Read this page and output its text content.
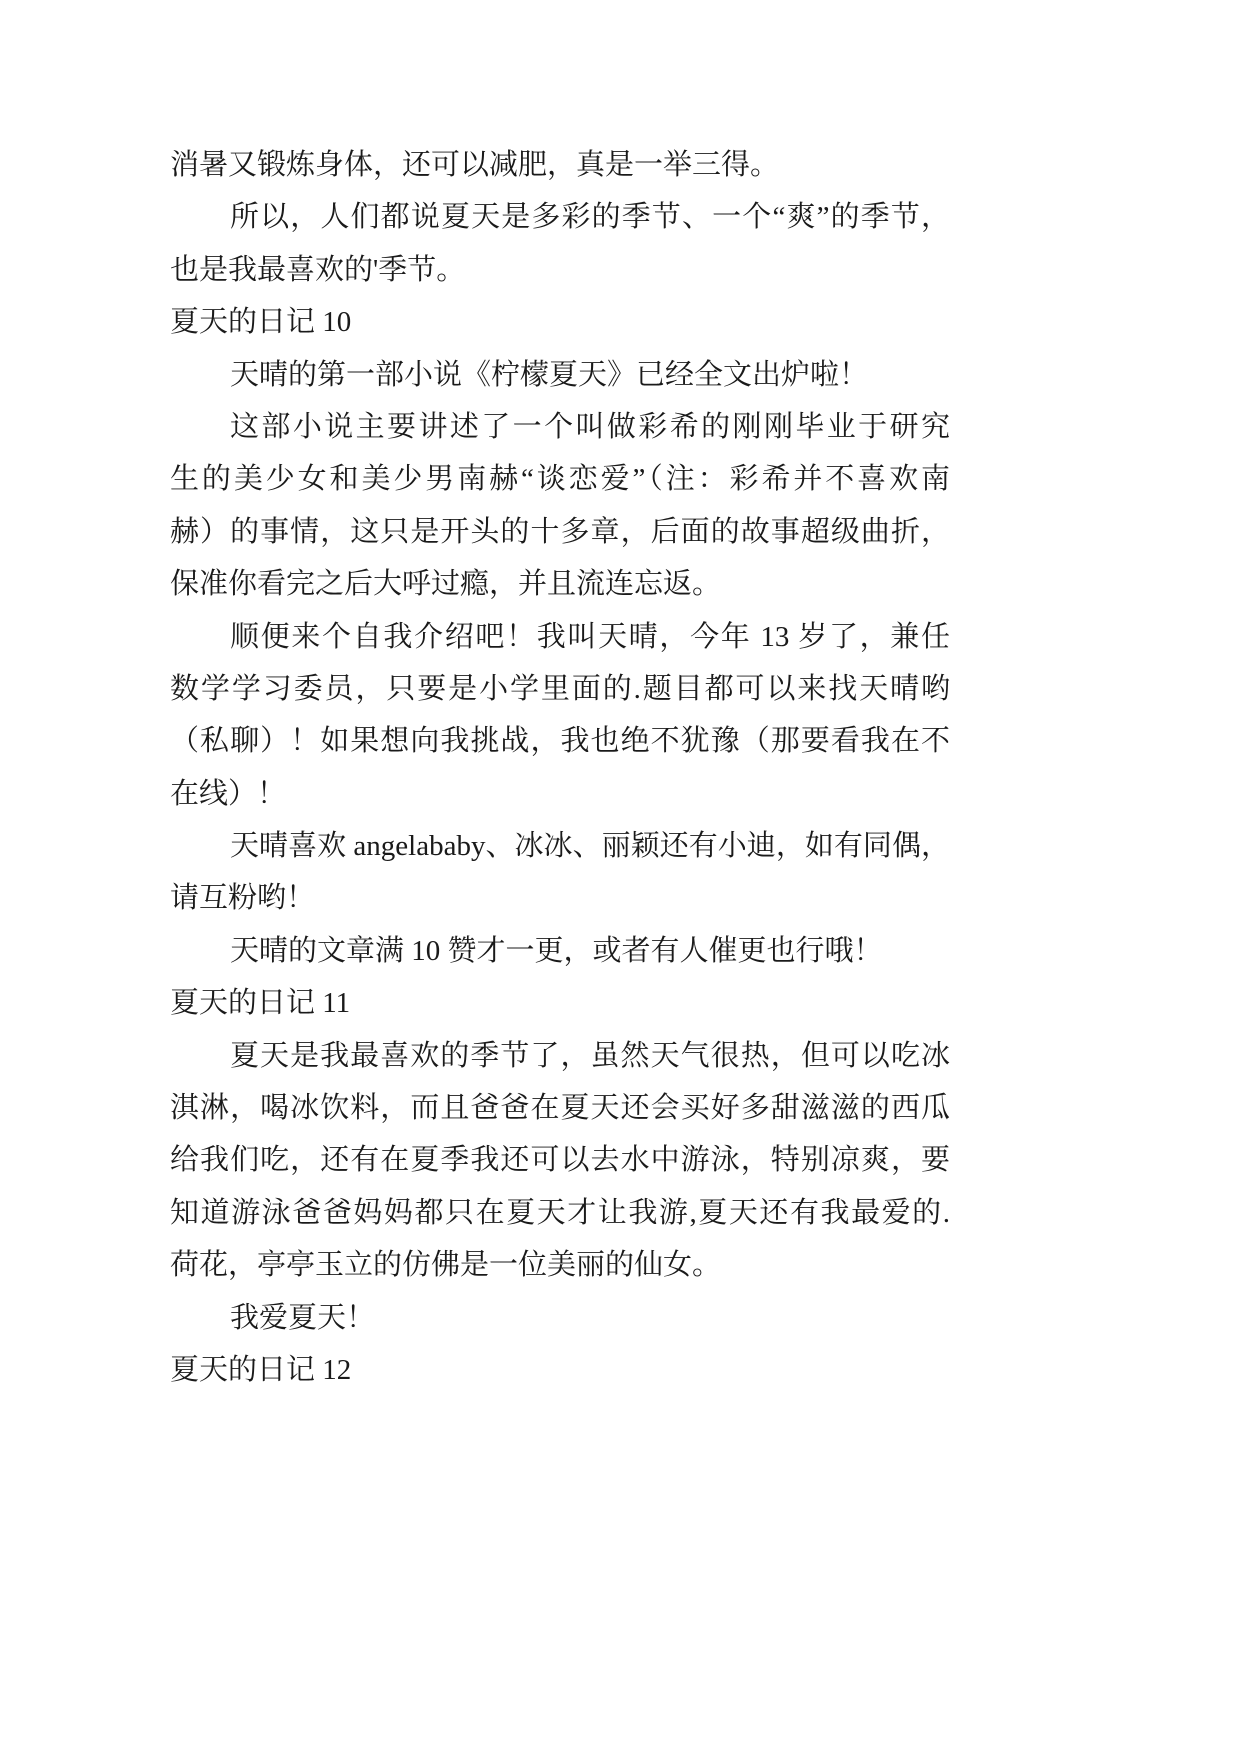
消暑又锻炼身体，还可以减肥，真是一举三得。
所以，人们都说夏天是多彩的季节、一个“爽”的季节，
也是我最喜欢的'季节。
夏天的日记 10
天晴的第一部小说《柠檬夏天》已经全文出炉啦！
这部小说主要讲述了一个叫做彩希的刚刚毕业于研究
生的美少女和美少男南赫“谈恋爱”（注：彩希并不喜欢南
赫）的事情，这只是开头的十多章，后面的故事超级曲折，
保准你看完之后大呼过瘾，并且流连忘返。
顺便来个自我介绍吧！我叫天晴，今年 13 岁了，兼任
数学学习委员，只要是小学里面的.题目都可以来找天晴哟
（私聊）！如果想向我挑战，我也绝不犹豫（那要看我在不
在线）！
天晴喜欢 angelababy、冰冰、丽颖还有小迪，如有同偶，
请互粉哟！
天晴的文章满 10 赞才一更，或者有人催更也行哦！
夏天的日记 11
夏天是我最喜欢的季节了，虽然天气很热，但可以吃冰
淇淋，喝冰饮料，而且爸爸在夏天还会买好多甜滋滋的西瓜
给我们吃，还有在夏季我还可以去水中游泳，特别凉爽，要
知道游泳爸爸妈妈都只在夏天才让我游,夏天还有我最爱的.
荷花，亭亭玉立的仿佛是一位美丽的仙女。
我爱夏天！
夏天的日记 12
